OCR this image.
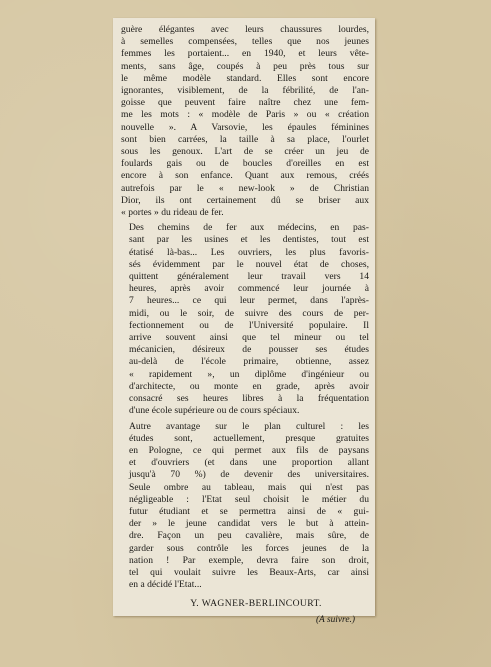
guère élégantes avec leurs chaussures lourdes,
à semelles compensées, telles que nos jeunes
femmes les portaient... en 1940, et leurs vête-
ments, sans âge, coupés à peu près tous sur
le même modèle standard. Elles sont encore
ignorantes, visiblement, de la fébrilité, de l'an-
goisse que peuvent faire naître chez une fem-
me les mots : « modèle de Paris » ou « création
nouvelle ». A Varsovie, les épaules féminines
sont bien carrées, la taille à sa place, l'ourlet
sous les genoux. L'art de se créer un jeu de
foulards gais ou de boucles d'oreilles en est
encore à son enfance. Quant aux remous, créés
autrefois par le « new-look » de Christian
Dior, ils ont certainement dû se briser aux
« portes » du rideau de fer.

Des chemins de fer aux médecins, en pas-
sant par les usines et les dentistes, tout est
étatisé là-bas... Les ouvriers, les plus favoris-
sés évidemment par le nouvel état de choses,
quittent généralement leur travail vers 14
heures, après avoir commencé leur journée à
7 heures... ce qui leur permet, dans l'après-
midi, ou le soir, de suivre des cours de per-
fectionnement ou de l'Université populaire. Il
arrive souvent ainsi que tel mineur ou tel
mécanicien, désireux de pousser ses études
au-delà de l'école primaire, obtienne, assez
« rapidement », un diplôme d'ingénieur ou
d'architecte, ou monte en grade, après avoir
consacré ses heures libres à la fréquentation
d'une école supérieure ou de cours spéciaux.

Autre avantage sur le plan culturel : les
études sont, actuellement, presque gratuites
en Pologne, ce qui permet aux fils de paysans
et d'ouvriers (et dans une proportion allant
jusqu'à 70 %) de devenir des universitaires.
Seule ombre au tableau, mais qui n'est pas
négligeable : l'Etat seul choisit le métier du
futur étudiant et se permettra ainsi de « gui-
der » le jeune candidat vers le but à attein-
dre. Façon un peu cavalière, mais sûre, de
garder sous contrôle les forces jeunes de la
nation ! Par exemple, devra faire son droit,
tel qui voulait suivre les Beaux-Arts, car ainsi
en a décidé l'Etat...

Y. WAGNER-BERLINCOURT.
(A suivre.)
